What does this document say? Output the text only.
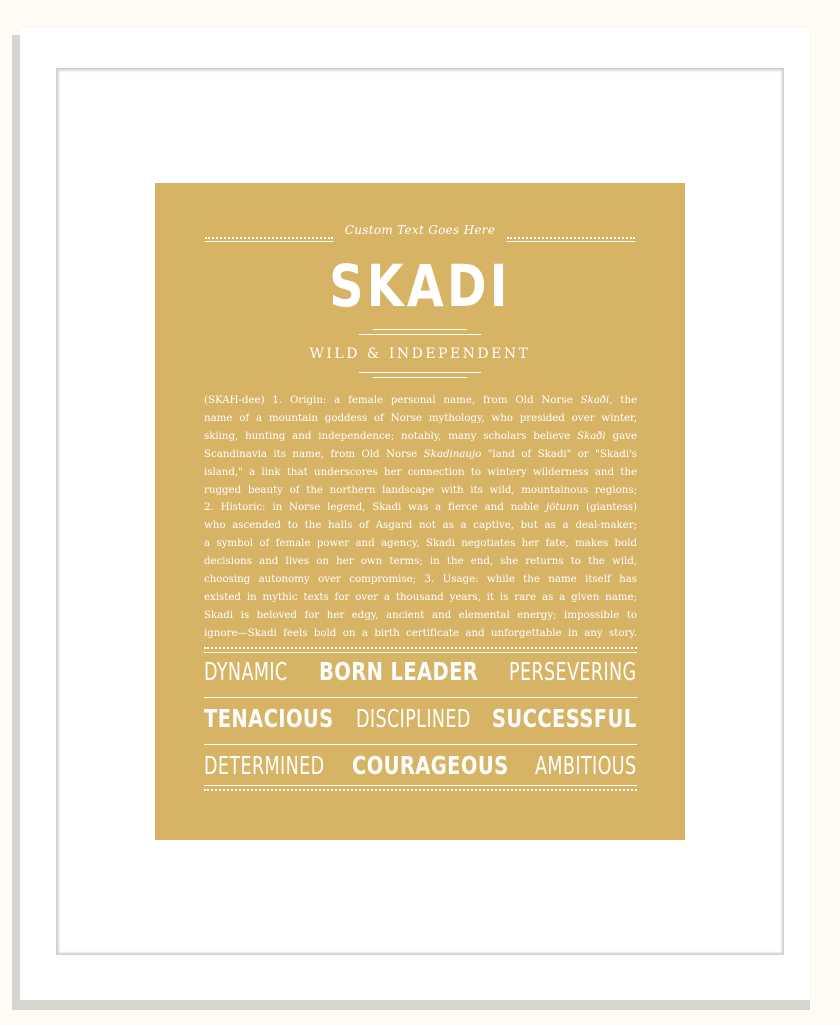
Custom Text Goes Here
SKADI
WILD & INDEPENDENT
(SKAH-dee) 1. Origin: a female personal name, from Old Norse Skaði, the
name of a mountain goddess of Norse mythology, who presided over winter,
skiing, hunting and independence; notably, many scholars believe Skaði gave
Scandinavia its name, from Old Norse Skadinaujo "land of Skadi" or "Skadi's
island," a link that underscores her connection to wintery wilderness and the
rugged beauty of the northern landscape with its wild, mountainous regions;
2. Historic: in Norse legend, Skadi was a fierce and noble jötunn (giantess)
who ascended to the halls of Asgard not as a captive, but as a deal-maker;
a symbol of female power and agency, Skadi negotiates her fate, makes bold
decisions and lives on her own terms; in the end, she returns to the wild,
choosing autonomy over compromise; 3. Usage: while the name itself has
existed in mythic texts for over a thousand years, it is rare as a given name;
Skadi is beloved for her edgy, ancient and elemental energy; impossible to
ignore—Skadi feels bold on a birth certificate and unforgettable in any story.
DYNAMIC BORN LEADER PERSEVERING
TENACIOUS DISCIPLINED SUCCESSFUL
DETERMINED COURAGEOUS AMBITIOUS
